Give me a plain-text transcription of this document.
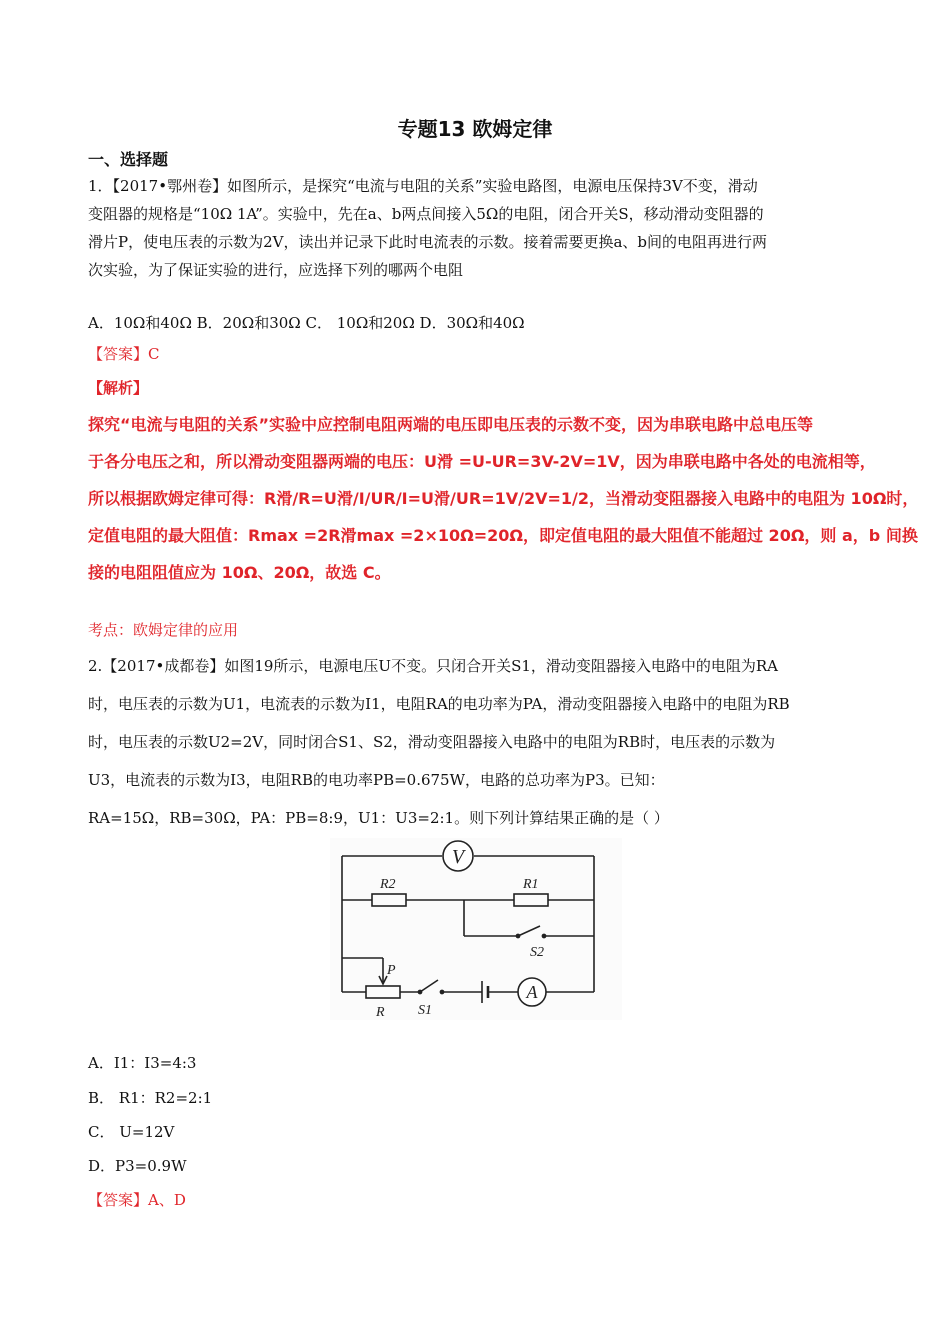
专题13 欧姆定律
一、选择题
1．【2017•鄂州卷】如图所示，是探究“电流与电阻的关系”实验电路图，电源电压保持3V不变，滑动
变阻器的规格是“10Ω 1A”。实验中，先在a、b两点间接入5Ω的电阻，闭合开关S，移动滑动变阻器的
滑片P，使电压表的示数为2V，读出并记录下此时电流表的示数。接着需要更换a、b间的电阻再进行两
次实验，为了保证实验的进行，应选择下列的哪两个电阻
A．10Ω和40Ω B．20Ω和30Ω C． 10Ω和20Ω D．30Ω和40Ω
【答案】C
【解析】
探究“电流与电阻的关系”实验中应控制电阻两端的电压即电压表的示数不变，因为串联电路中总电压等
于各分电压之和，所以滑动变阻器两端的电压：U滑 =U-UR=3V-2V=1V，因为串联电路中各处的电流相等，
所以根据欧姆定律可得：R滑/R=U滑/I/UR/I=U滑/UR=1V/2V=1/2，当滑动变阻器接入电路中的电阻为 10Ω时，
定值电阻的最大阻值：Rmax =2R滑max =2×10Ω=20Ω，即定值电阻的最大阻值不能超过 20Ω，则 a，b 间换
接的电阻阻值应为 10Ω、20Ω，故选 C。
考点：欧姆定律的应用
2.【2017•成都卷】如图19所示，电源电压U不变。只闭合开关S1，滑动变阻器接入电路中的电阻为RA
时，电压表的示数为U1，电流表的示数为I1，电阻RA的电功率为PA，滑动变阻器接入电路中的电阻为RB
时，电压表的示数U2=2V，同时闭合S1、S2，滑动变阻器接入电路中的电阻为RB时，电压表的示数为
U3，电流表的示数为I3，电阻RB的电功率PB=0.675W，电路的总功率为P3。已知：
RA=15Ω，RB=30Ω，PA：PB=8:9，U1：U3=2:1。则下列计算结果正确的是（ ）
V
A
R2	R1
R
P
S1
S2
A．I1：I3=4:3
B． R1：R2=2:1
C． U=12V
D．P3=0.9W
【答案】A、D
